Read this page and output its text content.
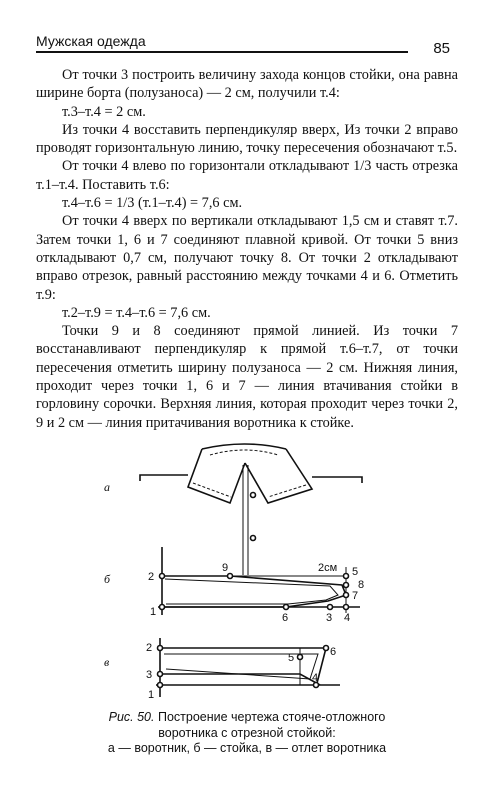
Мужская одежда	85

От точки 3 построить величину захода концов стойки, она равна ширине борта (полузаноса) — 2 см, получили т.4:

т.3–т.4 = 2 см.

Из точки 4 восставить перпендикуляр вверх, Из точки 2 вправо проводят горизонтальную линию, точку пересечения обозначают т.5.

От точки 4 влево по горизонтали откладывают 1/3 часть отрезка т.1–т.4. Поставить т.6:

т.4–т.6 = 1/3 (т.1–т.4) = 7,6 см.

От точки 4 вверх по вертикали откладывают 1,5 см и ставят т.7. Затем точки 1, 6 и 7 соединяют плавной кривой. От точки 5 вниз откладывают 0,7 см, получают точку 8. От точки 2 откладывают вправо отрезок, равный расстоянию между точками 4 и 6. Отметить т.9:

т.2–т.9 = т.4–т.6 = 7,6 см.

Точки 9 и 8 соединяют прямой линией. Из точки 7 восстанавливают перпендикуляр к прямой т.6–т.7, от точки пересечения отметить ширину полузаноса — 2 см. Нижняя линия, проходит через точки 1, 6 и 7 — линия втачивания стойки в горловину сорочки. Верхняя линия, которая проходит через точки 2, 9 и 2 см — линия притачивания воротника к стойке.

а
б
в
2
9	2см 5
8
7
1	6	3 4
2
3
1
5	6
4
Рис. 50. Построение чертежа стояче-отложного
воротника с отрезной стойкой:
а — воротник, б — стойка, в — отлет воротника
